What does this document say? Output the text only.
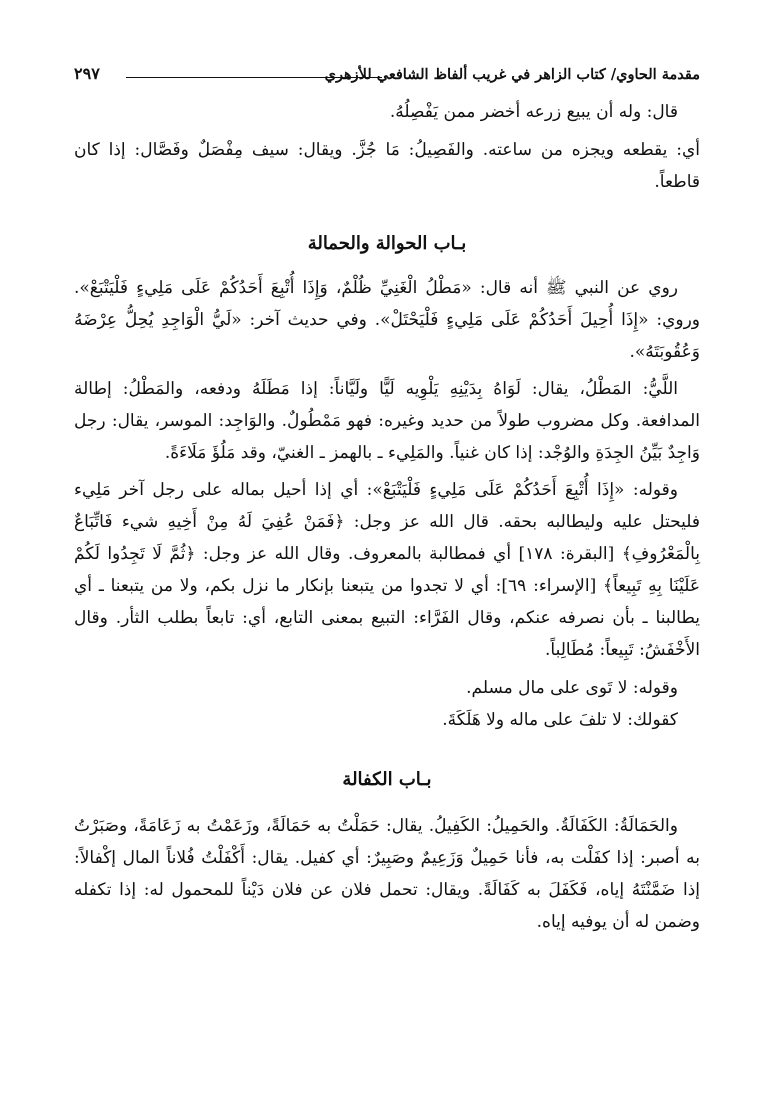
مقدمة الحاوي/ كتاب الزاهر في غريب ألفاظ الشافعي للأزهري
٢٩٧

قال: وله أن يبيع زرعه أخضر ممن يَفْصِلُهُ.

أي: يقطعه ويجزه من ساعته. والفَصِيلُ: مَا جُزَّ. ويقال: سيف مِفْصَلٌ وفَصَّال: إذا كان قاطعاً.

بـاب الحوالة والحمالة

روي عن النبي ﷺ أنه قال: «مَطْلُ الْغَنِيِّ ظُلْمٌ، وَإِذَا أُتْبِعَ أَحَدُكُمْ عَلَى مَلِيءٍ فَلْيَتْبَعْ». وروي: «إِذَا أُحِيلَ أَحَدُكُمْ عَلَى مَلِيءٍ فَلْيَحْتَلْ». وفي حديث آخر: «لَيُّ الْوَاجِدِ يُحِلُّ عِرْضَهُ وَعُقُوبَتَهُ».

اللَّيُّ: المَطْلُ، يقال: لَوَاهُ بِدَيْنِهِ يَلْوِيه لَيًّا ولَيَّاناً: إذا مَطَلَهُ ودفعه، والمَطْلُ: إطالة المدافعة. وكل مضروب طولاً من حديد وغيره: فهو مَمْطُولٌ. والوَاجِد: الموسر، يقال: رجل وَاجِدٌ بَيِّنُ الجِدَةِ والوُجْد: إذا كان غنياً. والمَلِيء ـ بالهمز ـ الغنيّ، وقد مَلُؤَ مَلَاءَةً.

وقوله: «إِذَا أُتْبِعَ أَحَدُكُمْ عَلَى مَلِيءٍ فَلْيَتْبَعْ»: أي إذا أحيل بماله على رجل آخر مَلِيء فليحتل عليه وليطالبه بحقه. قال الله عز وجل: ﴿فَمَنْ عُفِيَ لَهُ مِنْ أَخِيهِ شيء فَاتِّبَاعٌ بِالْمَعْرُوفِ﴾ [البقرة: ١٧٨] أي فمطالبة بالمعروف. وقال الله عز وجل: ﴿ثُمَّ لَا تَجِدُوا لَكُمْ عَلَيْنَا بِهِ تَبِيعاً﴾ [الإسراء: ٦٩]: أي لا تجدوا من يتبعنا بإنكار ما نزل بكم، ولا من يتبعنا ـ أي يطالبنا ـ بأن نصرفه عنكم، وقال الفَرَّاء: التبيع بمعنى التابع، أي: تابعاً بطلب الثأر. وقال الأَخْفَشُ: تَبِيعاً: مُطَالِباً.

وقوله: لا تَوى على مال مسلم.

كقولك: لا تلفَ على ماله ولا هَلَكَةَ.

بـاب الكفالة

والحَمَالَةُ: الكَفَالَةُ. والحَمِيلُ: الكَفِيلُ. يقال: حَمَلْتُ به حَمَالَةً، وزَعَمْتُ به زَعَامَةً، وصَبَرْتُ به أصبر: إذا كفَلْت به، فأنا حَمِيلٌ وَزَعِيمٌ وصَبِيرٌ: أي كفيل. يقال: أَكْفَلْتُ فُلاناً المال إكْفالاً: إذا ضَمَّنْتَهُ إياه، فَكَفَلَ به كَفَالَةً. ويقال: تحمل فلان عن فلان دَيْناً للمحمول له: إذا تكفله وضمن له أن يوفيه إياه.
